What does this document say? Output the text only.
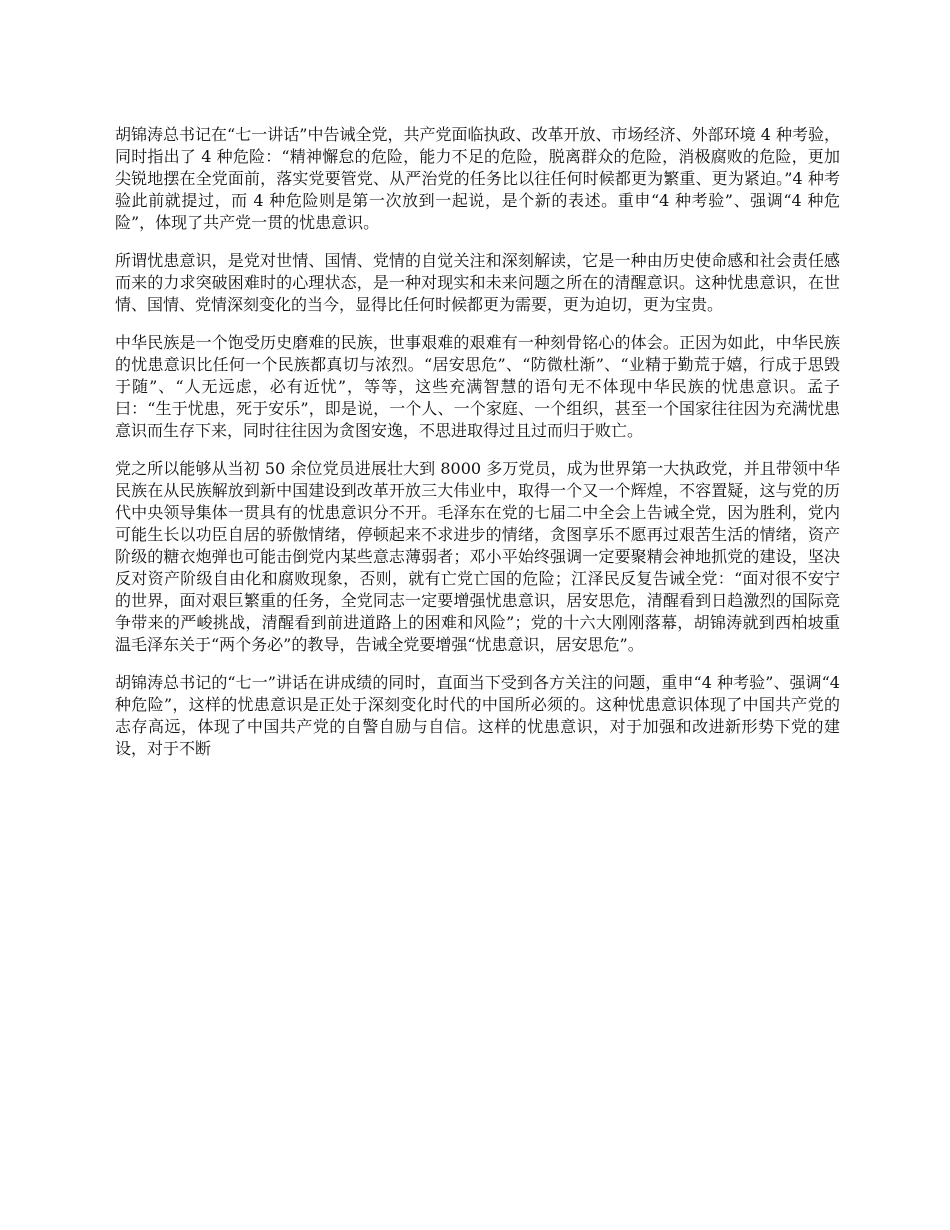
胡锦涛总书记在“七一讲话”中告诫全党，共产党面临执政、改革开放、市场经济、外部环境 4 种考验，同时指出了 4 种危险：“精神懈怠的危险，能力不足的危险，脱离群众的危险，消极腐败的危险，更加尖锐地摆在全党面前，落实党要管党、从严治党的任务比以往任何时候都更为繁重、更为紧迫。”4 种考验此前就提过，而 4 种危险则是第一次放到一起说，是个新的表述。重申“4 种考验”、强调“4 种危险”，体现了共产党一贯的忧患意识。

所谓忧患意识，是党对世情、国情、党情的自觉关注和深刻解读，它是一种由历史使命感和社会责任感而来的力求突破困难时的心理状态，是一种对现实和未来问题之所在的清醒意识。这种忧患意识，在世情、国情、党情深刻变化的当今，显得比任何时候都更为需要，更为迫切，更为宝贵。

中华民族是一个饱受历史磨难的民族，世事艰难的艰难有一种刻骨铭心的体会。正因为如此，中华民族的忧患意识比任何一个民族都真切与浓烈。“居安思危”、“防微杜渐”、“业精于勤荒于嬉，行成于思毁于随”、“人无远虑，必有近忧”，等等，这些充满智慧的语句无不体现中华民族的忧患意识。孟子曰：“生于忧患，死于安乐”，即是说，一个人、一个家庭、一个组织，甚至一个国家往往因为充满忧患意识而生存下来，同时往往因为贪图安逸，不思进取得过且过而归于败亡。

党之所以能够从当初 50 余位党员进展壮大到 8000 多万党员，成为世界第一大执政党，并且带领中华民族在从民族解放到新中国建设到改革开放三大伟业中，取得一个又一个辉煌，不容置疑，这与党的历代中央领导集体一贯具有的忧患意识分不开。毛泽东在党的七届二中全会上告诫全党，因为胜利，党内可能生长以功臣自居的骄傲情绪，停顿起来不求进步的情绪，贪图享乐不愿再过艰苦生活的情绪，资产阶级的糖衣炮弹也可能击倒党内某些意志薄弱者；邓小平始终强调一定要聚精会神地抓党的建设，坚决反对资产阶级自由化和腐败现象，否则，就有亡党亡国的危险；江泽民反复告诫全党：“面对很不安宁的世界，面对艰巨繁重的任务，全党同志一定要增强忧患意识，居安思危，清醒看到日趋激烈的国际竞争带来的严峻挑战，清醒看到前进道路上的困难和风险”；党的十六大刚刚落幕，胡锦涛就到西柏坡重温毛泽东关于“两个务必”的教导，告诫全党要增强“忧患意识，居安思危”。

胡锦涛总书记的“七一”讲话在讲成绩的同时，直面当下受到各方关注的问题，重申“4 种考验”、强调“4 种危险”，这样的忧患意识是正处于深刻变化时代的中国所必须的。这种忧患意识体现了中国共产党的志存高远，体现了中国共产党的自警自励与自信。这样的忧患意识，对于加强和改进新形势下党的建设，对于不断
